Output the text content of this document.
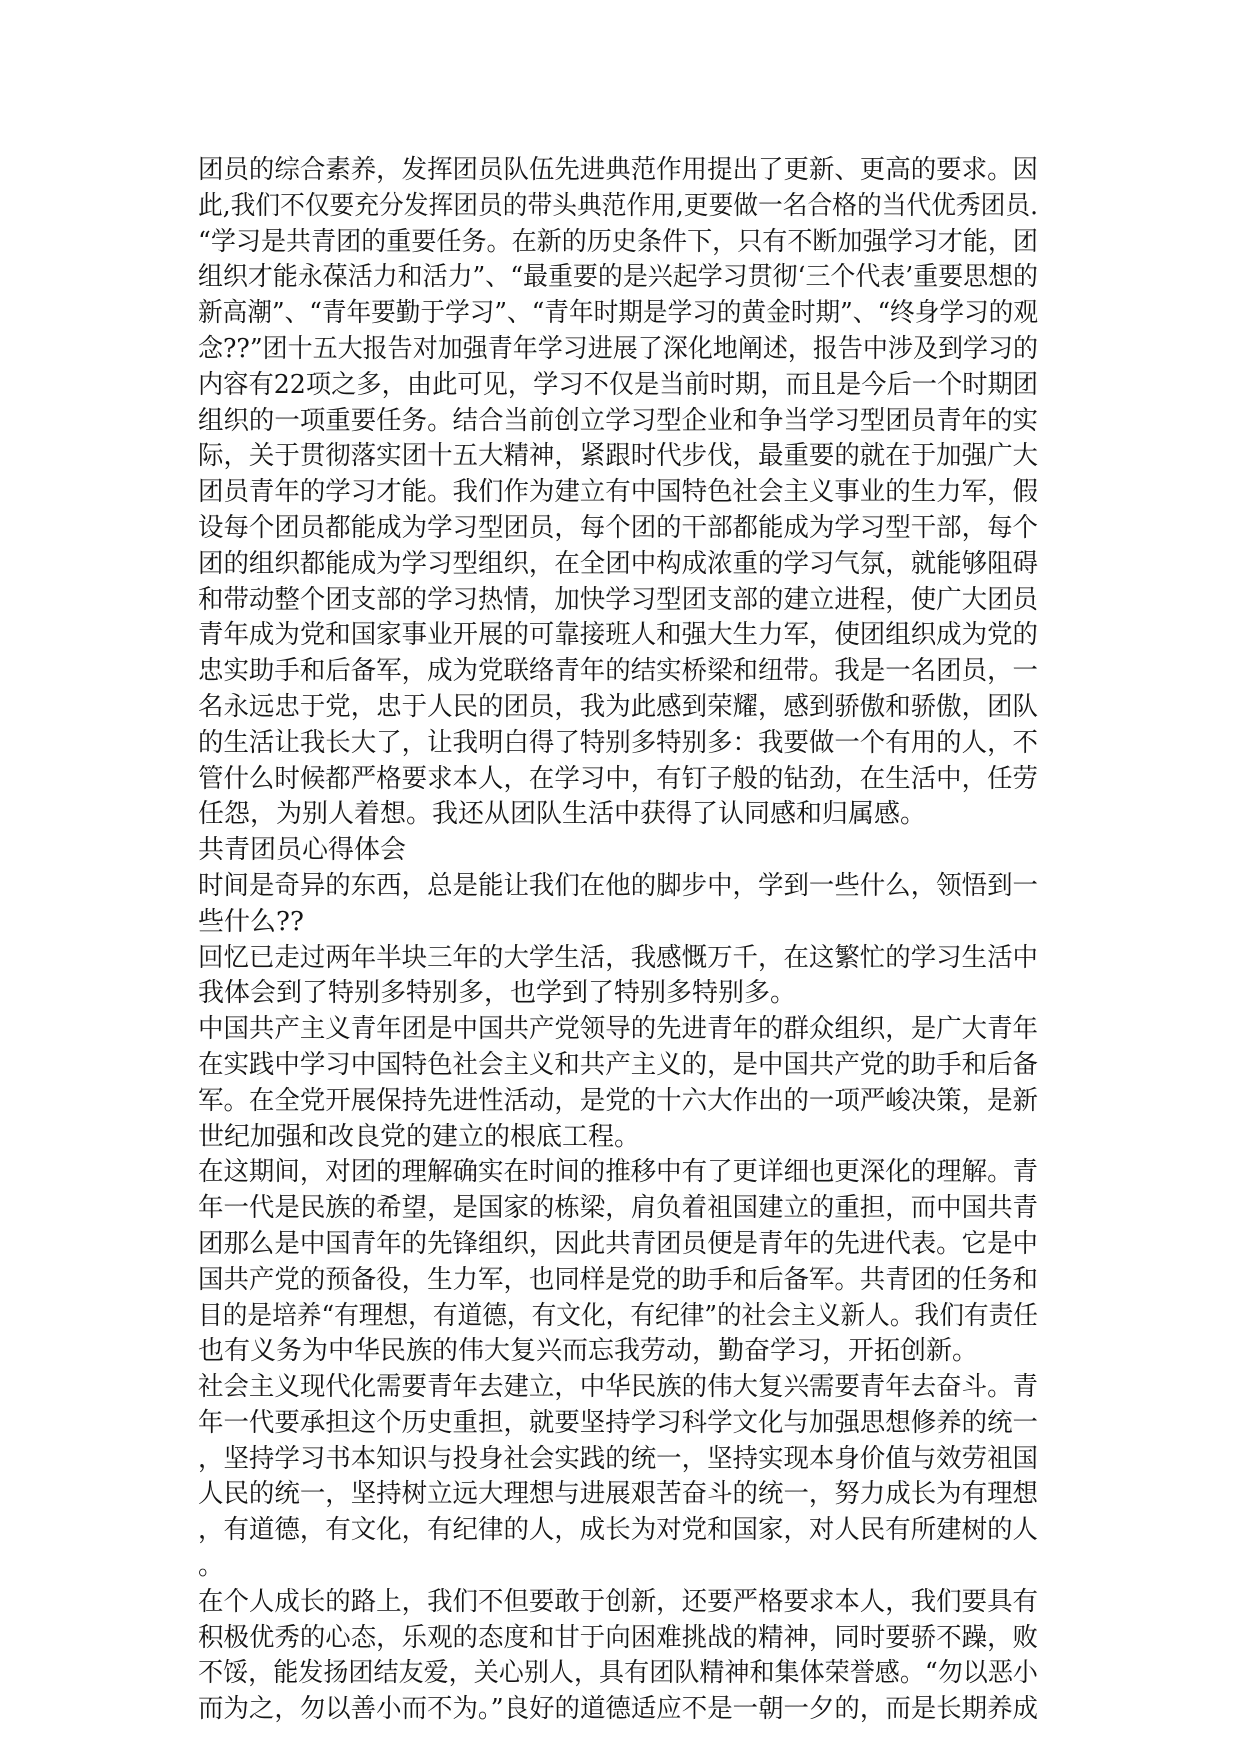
团员的综合素养，发挥团员队伍先进典范作用提出了更新、更高的要求。因
此,我们不仅要充分发挥团员的带头典范作用,更要做一名合格的当代优秀团员.
“学习是共青团的重要任务。在新的历史条件下，只有不断加强学习才能，团
组织才能永葆活力和活力”、“最重要的是兴起学习贯彻‘三个代表’重要思想的
新高潮”、“青年要勤于学习”、“青年时期是学习的黄金时期”、“终身学习的观
念??”团十五大报告对加强青年学习进展了深化地阐述，报告中涉及到学习的
内容有22项之多，由此可见，学习不仅是当前时期，而且是今后一个时期团
组织的一项重要任务。结合当前创立学习型企业和争当学习型团员青年的实
际，关于贯彻落实团十五大精神，紧跟时代步伐，最重要的就在于加强广大
团员青年的学习才能。我们作为建立有中国特色社会主义事业的生力军，假
设每个团员都能成为学习型团员，每个团的干部都能成为学习型干部，每个
团的组织都能成为学习型组织，在全团中构成浓重的学习气氛，就能够阻碍
和带动整个团支部的学习热情，加快学习型团支部的建立进程，使广大团员
青年成为党和国家事业开展的可靠接班人和强大生力军，使团组织成为党的
忠实助手和后备军，成为党联络青年的结实桥梁和纽带。我是一名团员，一
名永远忠于党，忠于人民的团员，我为此感到荣耀，感到骄傲和骄傲，团队
的生活让我长大了，让我明白得了特别多特别多：我要做一个有用的人，不
管什么时候都严格要求本人，在学习中，有钉子般的钻劲，在生活中，任劳
任怨，为别人着想。我还从团队生活中获得了认同感和归属感。
共青团员心得体会
时间是奇异的东西，总是能让我们在他的脚步中，学到一些什么，领悟到一
些什么??
回忆已走过两年半块三年的大学生活，我感慨万千，在这繁忙的学习生活中
我体会到了特别多特别多，也学到了特别多特别多。
中国共产主义青年团是中国共产党领导的先进青年的群众组织，是广大青年
在实践中学习中国特色社会主义和共产主义的，是中国共产党的助手和后备
军。在全党开展保持先进性活动，是党的十六大作出的一项严峻决策，是新
世纪加强和改良党的建立的根底工程。
在这期间，对团的理解确实在时间的推移中有了更详细也更深化的理解。青
年一代是民族的希望，是国家的栋梁，肩负着祖国建立的重担，而中国共青
团那么是中国青年的先锋组织，因此共青团员便是青年的先进代表。它是中
国共产党的预备役，生力军，也同样是党的助手和后备军。共青团的任务和
目的是培养“有理想，有道德，有文化，有纪律”的社会主义新人。我们有责任
也有义务为中华民族的伟大复兴而忘我劳动，勤奋学习，开拓创新。
社会主义现代化需要青年去建立，中华民族的伟大复兴需要青年去奋斗。青
年一代要承担这个历史重担，就要坚持学习科学文化与加强思想修养的统一
，坚持学习书本知识与投身社会实践的统一，坚持实现本身价值与效劳祖国
人民的统一，坚持树立远大理想与进展艰苦奋斗的统一，努力成长为有理想
，有道德，有文化，有纪律的人，成长为对党和国家，对人民有所建树的人
。
在个人成长的路上，我们不但要敢于创新，还要严格要求本人，我们要具有
积极优秀的心态，乐观的态度和甘于向困难挑战的精神，同时要骄不躁，败
不馁，能发扬团结友爱，关心别人，具有团队精神和集体荣誉感。“勿以恶小
而为之，勿以善小而不为。”良好的道德适应不是一朝一夕的，而是长期养成
